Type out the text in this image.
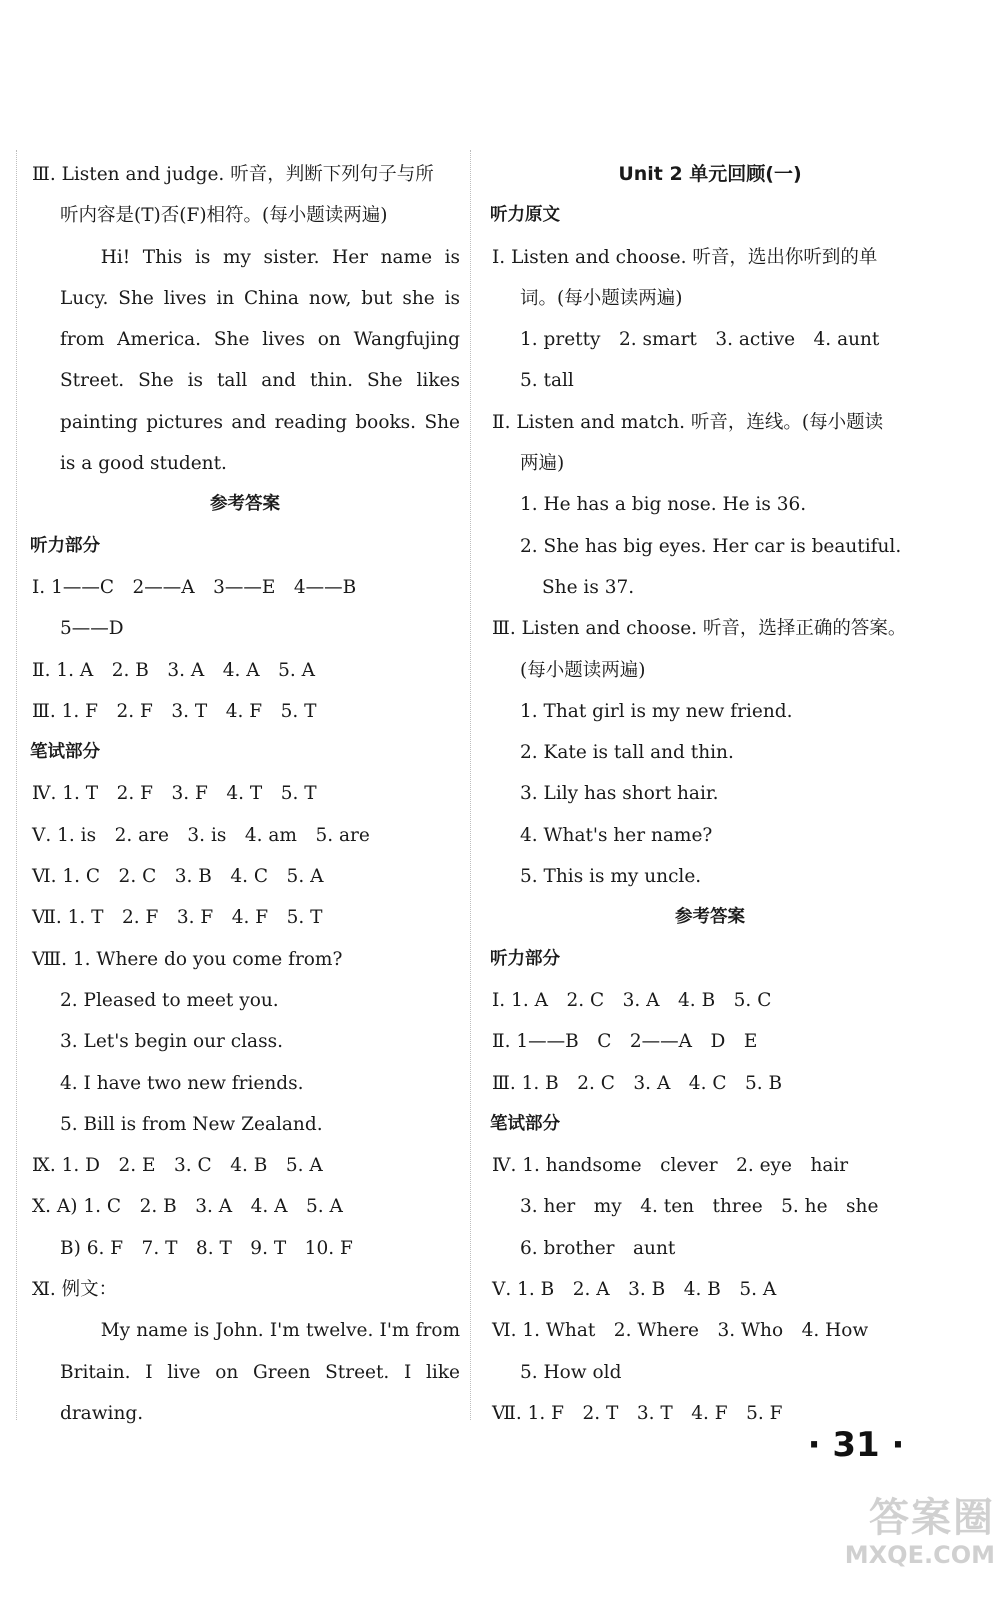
Ⅲ. Listen and judge. 听音，判断下列句子与所
听内容是(T)否(F)相符。(每小题读两遍)
Hi! This is my sister. Her name is Lucy. She lives in China now, but she is from America. She lives on Wangfujing Street. She is tall and thin. She likes painting pictures and reading books. She is a good student.
参考答案
听力部分
Ⅰ. 1——C　2——A　3——E　4——B
5——D
Ⅱ. 1. A　2. B　3. A　4. A　5. A
Ⅲ. 1. F　2. F　3. T　4. F　5. T
笔试部分
Ⅳ. 1. T　2. F　3. F　4. T　5. T
Ⅴ. 1. is　2. are　3. is　4. am　5. are
Ⅵ. 1. C　2. C　3. B　4. C　5. A
Ⅶ. 1. T　2. F　3. F　4. F　5. T
Ⅷ. 1. Where do you come from?
2. Pleased to meet you.
3. Let's begin our class.
4. I have two new friends.
5. Bill is from New Zealand.
Ⅸ. 1. D　2. E　3. C　4. B　5. A
Ⅹ. A) 1. C　2. B　3. A　4. A　5. A
B) 6. F　7. T　8. T　9. T　10. F
Ⅺ. 例文：
My name is John. I'm twelve. I'm from Britain. I live on Green Street. I like drawing.
Unit 2 单元回顾(一)
听力原文
Ⅰ. Listen and choose. 听音，选出你听到的单
词。(每小题读两遍)
1. pretty　2. smart　3. active　4. aunt
5. tall
Ⅱ. Listen and match. 听音，连线。(每小题读
两遍)
1. He has a big nose. He is 36.
2. She has big eyes. Her car is beautiful.
She is 37.
Ⅲ. Listen and choose. 听音，选择正确的答案。
(每小题读两遍)
1. That girl is my new friend.
2. Kate is tall and thin.
3. Lily has short hair.
4. What's her name?
5. This is my uncle.
参考答案
听力部分
Ⅰ. 1. A　2. C　3. A　4. B　5. C
Ⅱ. 1——B　C　2——A　D　E
Ⅲ. 1. B　2. C　3. A　4. C　5. B
笔试部分
Ⅳ. 1. handsome　clever　2. eye　hair
3. her　my　4. ten　three　5. he　she
6. brother　aunt
Ⅴ. 1. B　2. A　3. B　4. B　5. A
Ⅵ. 1. What　2. Where　3. Who　4. How
5. How old
Ⅶ. 1. F　2. T　3. T　4. F　5. F
· 31 ·
答案圈
MXQE.COM
